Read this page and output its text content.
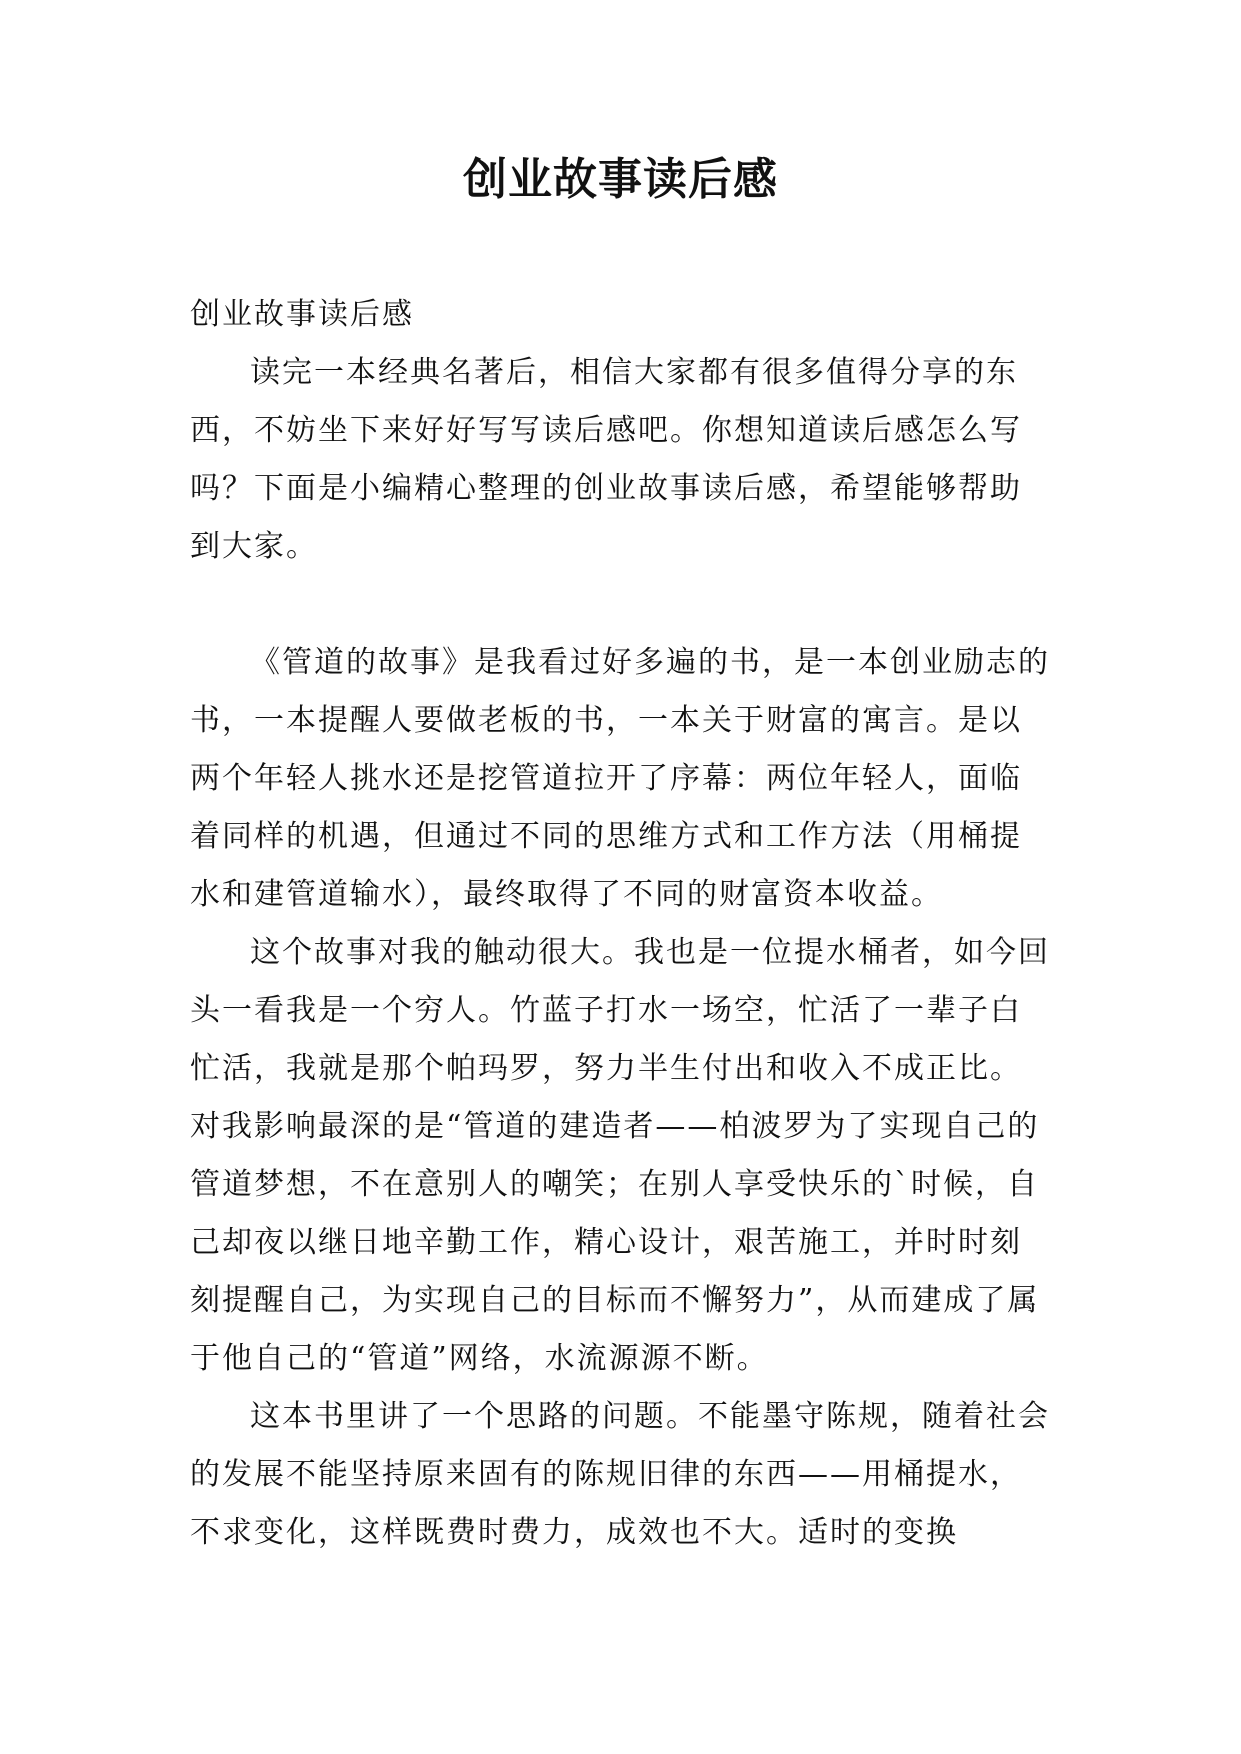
创业故事读后感

创业故事读后感

读完一本经典名著后，相信大家都有很多值得分享的东西，不妨坐下来好好写写读后感吧。你想知道读后感怎么写吗？下面是小编精心整理的创业故事读后感，希望能够帮助到大家。

《管道的故事》是我看过好多遍的书，是一本创业励志的书，一本提醒人要做老板的书，一本关于财富的寓言。是以两个年轻人挑水还是挖管道拉开了序幕：两位年轻人，面临着同样的机遇，但通过不同的思维方式和工作方法（用桶提水和建管道输水），最终取得了不同的财富资本收益。

这个故事对我的触动很大。我也是一位提水桶者，如今回头一看我是一个穷人。竹蓝子打水一场空，忙活了一辈子白忙活，我就是那个帕玛罗，努力半生付出和收入不成正比。对我影响最深的是“管道的建造者——柏波罗为了实现自己的管道梦想，不在意别人的嘲笑；在别人享受快乐的`时候，自己却夜以继日地辛勤工作，精心设计，艰苦施工，并时时刻刻提醒自己，为实现自己的目标而不懈努力”，从而建成了属于他自己的“管道”网络，水流源源不断。

这本书里讲了一个思路的问题。不能墨守陈规，随着社会的发展不能坚持原来固有的陈规旧律的东西——用桶提水，不求变化，这样既费时费力，成效也不大。适时的变换
